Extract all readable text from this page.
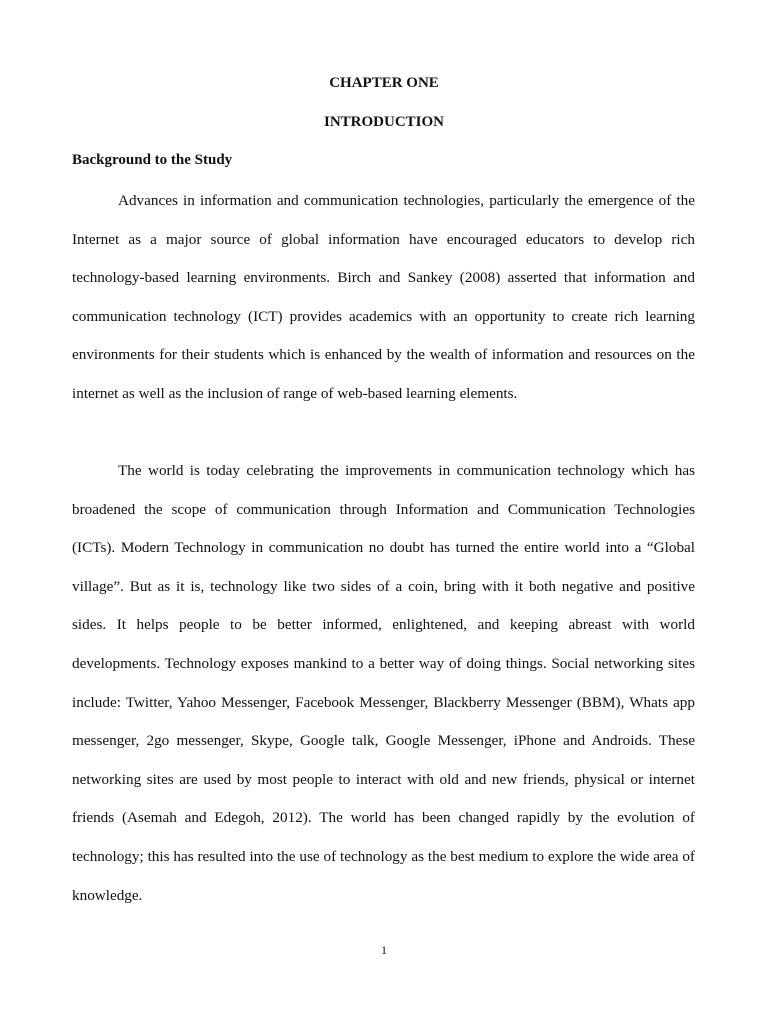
CHAPTER ONE
INTRODUCTION
Background to the Study

Advances in information and communication technologies, particularly the emergence of the Internet as a major source of global information have encouraged educators to develop rich technology-based learning environments. Birch and Sankey (2008) asserted that information and communication technology (ICT) provides academics with an opportunity to create rich learning environments for their students which is enhanced by the wealth of information and resources on the internet as well as the inclusion of range of web-based learning elements.

The world is today celebrating the improvements in communication technology which has broadened the scope of communication through Information and Communication Technologies (ICTs). Modern Technology in communication no doubt has turned the entire world into a “Global village”. But as it is, technology like two sides of a coin, bring with it both negative and positive sides. It helps people to be better informed, enlightened, and keeping abreast with world developments. Technology exposes mankind to a better way of doing things. Social networking sites include: Twitter, Yahoo Messenger, Facebook Messenger, Blackberry Messenger (BBM), Whats app messenger, 2go messenger, Skype, Google talk, Google Messenger, iPhone and Androids. These networking sites are used by most people to interact with old and new friends, physical or internet friends (Asemah and Edegoh, 2012). The world has been changed rapidly by the evolution of technology; this has resulted into the use of technology as the best medium to explore the wide area of knowledge.

1
